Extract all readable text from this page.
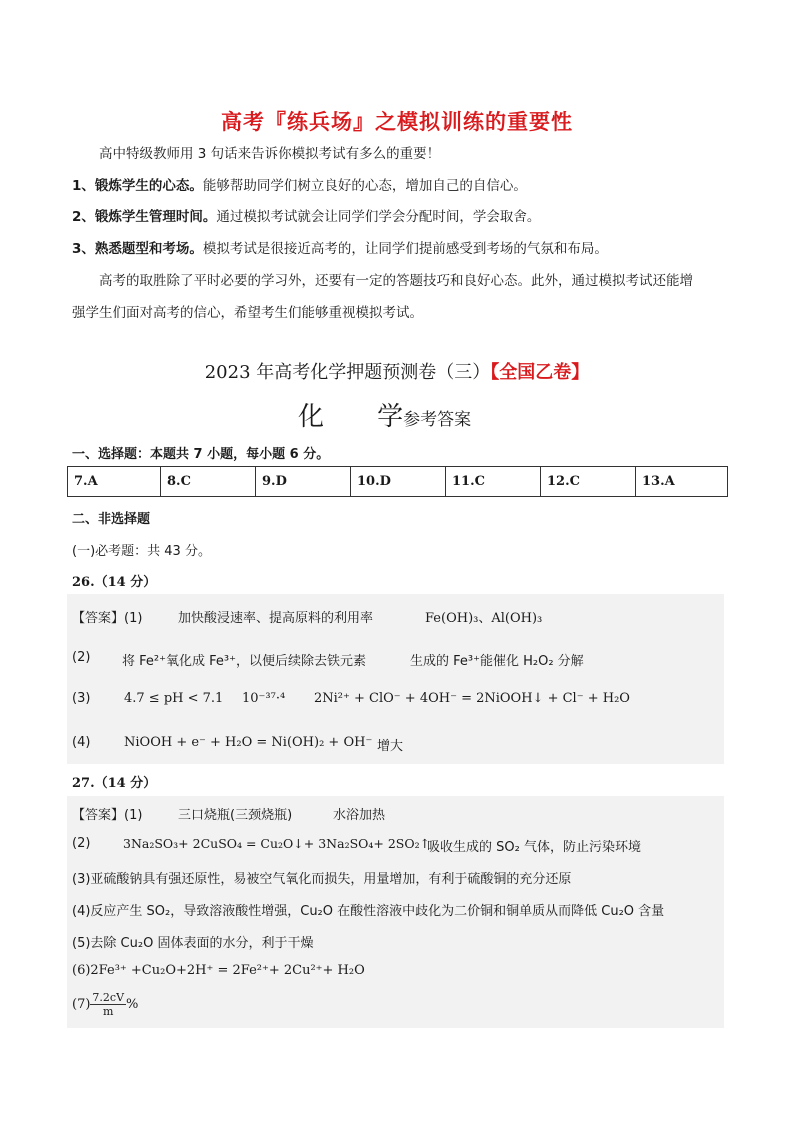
高考『练兵场』之模拟训练的重要性
高中特级教师用 3 句话来告诉你模拟考试有多么的重要！
1、锻炼学生的心态。能够帮助同学们树立良好的心态，增加自己的自信心。
2、锻炼学生管理时间。通过模拟考试就会让同学们学会分配时间，学会取舍。
3、熟悉题型和考场。模拟考试是很接近高考的，让同学们提前感受到考场的气氛和布局。
高考的取胜除了平时必要的学习外，还要有一定的答题技巧和良好心态。此外，通过模拟考试还能增
强学生们面对高考的信心，希望考生们能够重视模拟考试。
2023 年高考化学押题预测卷（三）【全国乙卷】
化 学参考答案
一、选择题：本题共 7 小题，每小题 6 分。
7.A	8.C	9.D	10.D	11.C	12.C	13.A
二、非选择题
(一)必考题：共 43 分。
26.（14 分）
【答案】(1)	加快酸浸速率、提高原料的利用率	Fe(OH)₃、Al(OH)₃
(2) 将 Fe²⁺氧化成 Fe³⁺，以便后续除去铁元素	生成的 Fe³⁺能催化 H₂O₂ 分解
(3)	4.7 ≤ pH < 7.1 10⁻³⁷·⁴ 2Ni²⁺ + ClO⁻ + 4OH⁻ = 2NiOOH↓ + Cl⁻ + H₂O
(4)	NiOOH + e⁻ + H₂O = Ni(OH)₂ + OH⁻ 增大
27.（14 分）
【答案】(1)	三口烧瓶(三颈烧瓶)	水浴加热
(2)	3Na₂SO₃+ 2CuSO₄ = Cu₂O↓+ 3Na₂SO₄+ 2SO₂↑
吸收生成的 SO₂ 气体，防止污染环境
(3)亚硫酸钠具有强还原性，易被空气氧化而损失，用量增加，有利于硫酸铜的充分还原
(4)反应产生 SO₂，导致溶液酸性增强，Cu₂O 在酸性溶液中歧化为二价铜和铜单质从而降低 Cu₂O 含量
(5)去除 Cu₂O 固体表面的水分，利于干燥
(6)2Fe³⁺ +Cu₂O+2H⁺ = 2Fe²⁺+ 2Cu²⁺+ H₂O
$(7) \frac{7.2cV}{m}$ %
